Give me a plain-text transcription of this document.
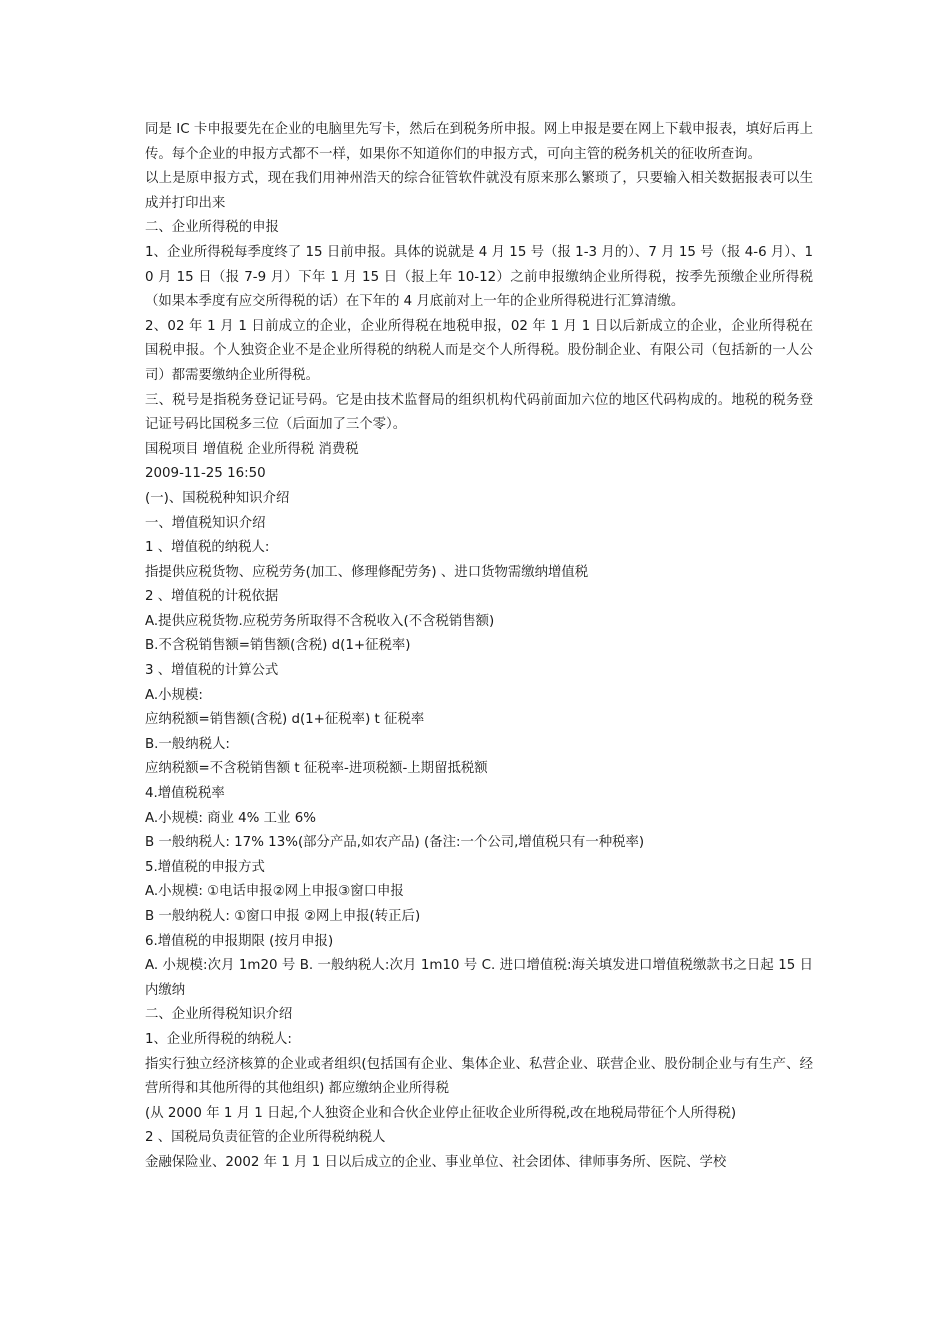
同是 IC 卡申报要先在企业的电脑里先写卡，然后在到税务所申报。网上申报是要在网上下载申报表，填好后再上传。每个企业的申报方式都不一样，如果你不知道你们的申报方式，可向主管的税务机关的征收所查询。

以上是原申报方式，现在我们用神州浩天的综合征管软件就没有原来那么繁琐了，只要输入相关数据报表可以生成并打印出来

二、企业所得税的申报

1、企业所得税每季度终了 15 日前申报。具体的说就是 4 月 15 号（报 1-3 月的）、7 月 15 号（报 4-6 月）、10 月 15 日（报 7-9 月）下年 1 月 15 日（报上年 10-12）之前申报缴纳企业所得税，按季先预缴企业所得税（如果本季度有应交所得税的话）在下年的 4 月底前对上一年的企业所得税进行汇算清缴。

2、02 年 1 月 1 日前成立的企业，企业所得税在地税申报，02 年 1 月 1 日以后新成立的企业，企业所得税在国税申报。个人独资企业不是企业所得税的纳税人而是交个人所得税。股份制企业、有限公司（包括新的一人公司）都需要缴纳企业所得税。

三、税号是指税务登记证号码。它是由技术监督局的组织机构代码前面加六位的地区代码构成的。地税的税务登记证号码比国税多三位（后面加了三个零）。

国税项目 增值税 企业所得税 消费税

2009-11-25 16:50

(一)、国税税种知识介绍

一、增值税知识介绍

1 、增值税的纳税人:

指提供应税货物、应税劳务(加工、修理修配劳务) 、进口货物需缴纳增值税

2 、增值税的计税依据

A.提供应税货物.应税劳务所取得不含税收入(不含税销售额)

B.不含税销售额=销售额(含税) d(1+征税率)

3 、增值税的计算公式

A.小规模:

应纳税额=销售额(含税) d(1+征税率) t 征税率

B.一般纳税人:

应纳税额=不含税销售额 t 征税率-进项税额-上期留抵税额

4.增值税税率

A.小规模: 商业 4% 工业 6%

B 一般纳税人: 17% 13%(部分产品,如农产品) (备注:一个公司,增值税只有一种税率)

5.增值税的申报方式

A.小规模: ①电话申报②网上申报③窗口申报

B 一般纳税人: ①窗口申报 ②网上申报(转正后)

6.增值税的申报期限 (按月申报)

A. 小规模:次月 1m20 号 B. 一般纳税人:次月 1m10 号 C. 进口增值税:海关填发进口增值税缴款书之日起 15 日内缴纳

二、企业所得税知识介绍

1、企业所得税的纳税人:

指实行独立经济核算的企业或者组织(包括国有企业、集体企业、私营企业、联营企业、股份制企业与有生产、经营所得和其他所得的其他组织) 都应缴纳企业所得税

(从 2000 年 1 月 1 日起,个人独资企业和合伙企业停止征收企业所得税,改在地税局带征个人所得税)

2 、国税局负责征管的企业所得税纳税人

金融保险业、2002 年 1 月 1 日以后成立的企业、事业单位、社会团体、律师事务所、医院、学校
